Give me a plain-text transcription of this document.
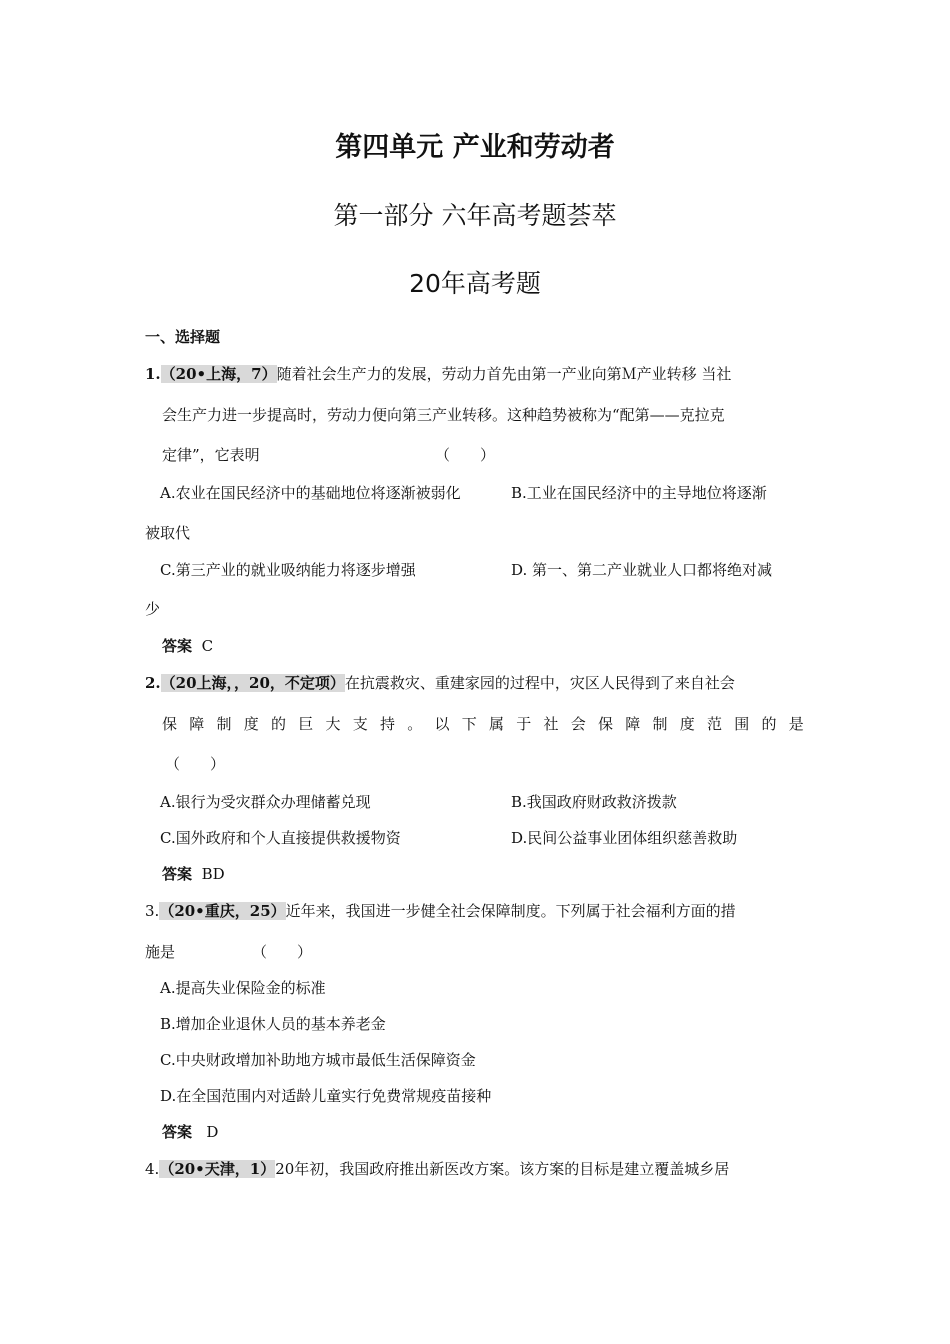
第四单元 产业和劳动者
第一部分 六年高考题荟萃
20年高考题
一、选择题
1.（20•上海，7）随着社会生产力的发展，劳动力首先由第一产业向第Ｍ产业转移 当社
会生产力进一步提高时，劳动力便向第三产业转移。这种趋势被称为“配第——克拉克
定律”，它表明	（　　）
A.农业在国民经济中的基础地位将逐渐被弱化	B.工业在国民经济中的主导地位将逐渐
被取代
C.第三产业的就业吸纳能力将逐步增强	D. 第一、第二产业就业人口都将绝对减
少
答案 C
2.（20上海，，20，不定项）在抗震救灾、重建家园的过程中，灾区人民得到了来自社会
保 障 制 度 的 巨 大 支 持 。 以 下 属 于 社 会 保 障 制 度 范 围 的 是
（　　）
A.银行为受灾群众办理储蓄兑现	B.我国政府财政救济拨款
C.国外政府和个人直接提供救援物资	D.民间公益事业团体组织慈善救助
答案 BD
3.（20•重庆，25）近年来，我国进一步健全社会保障制度。下列属于社会福利方面的措
施是	（　　）
A.提高失业保险金的标准
B.增加企业退休人员的基本养老金
C.中央财政增加补助地方城市最低生活保障资金
D.在全国范围内对适龄儿童实行免费常规疫苗接种
答案 D
4.（20•天津，1）20年初，我国政府推出新医改方案。该方案的目标是建立覆盖城乡居
